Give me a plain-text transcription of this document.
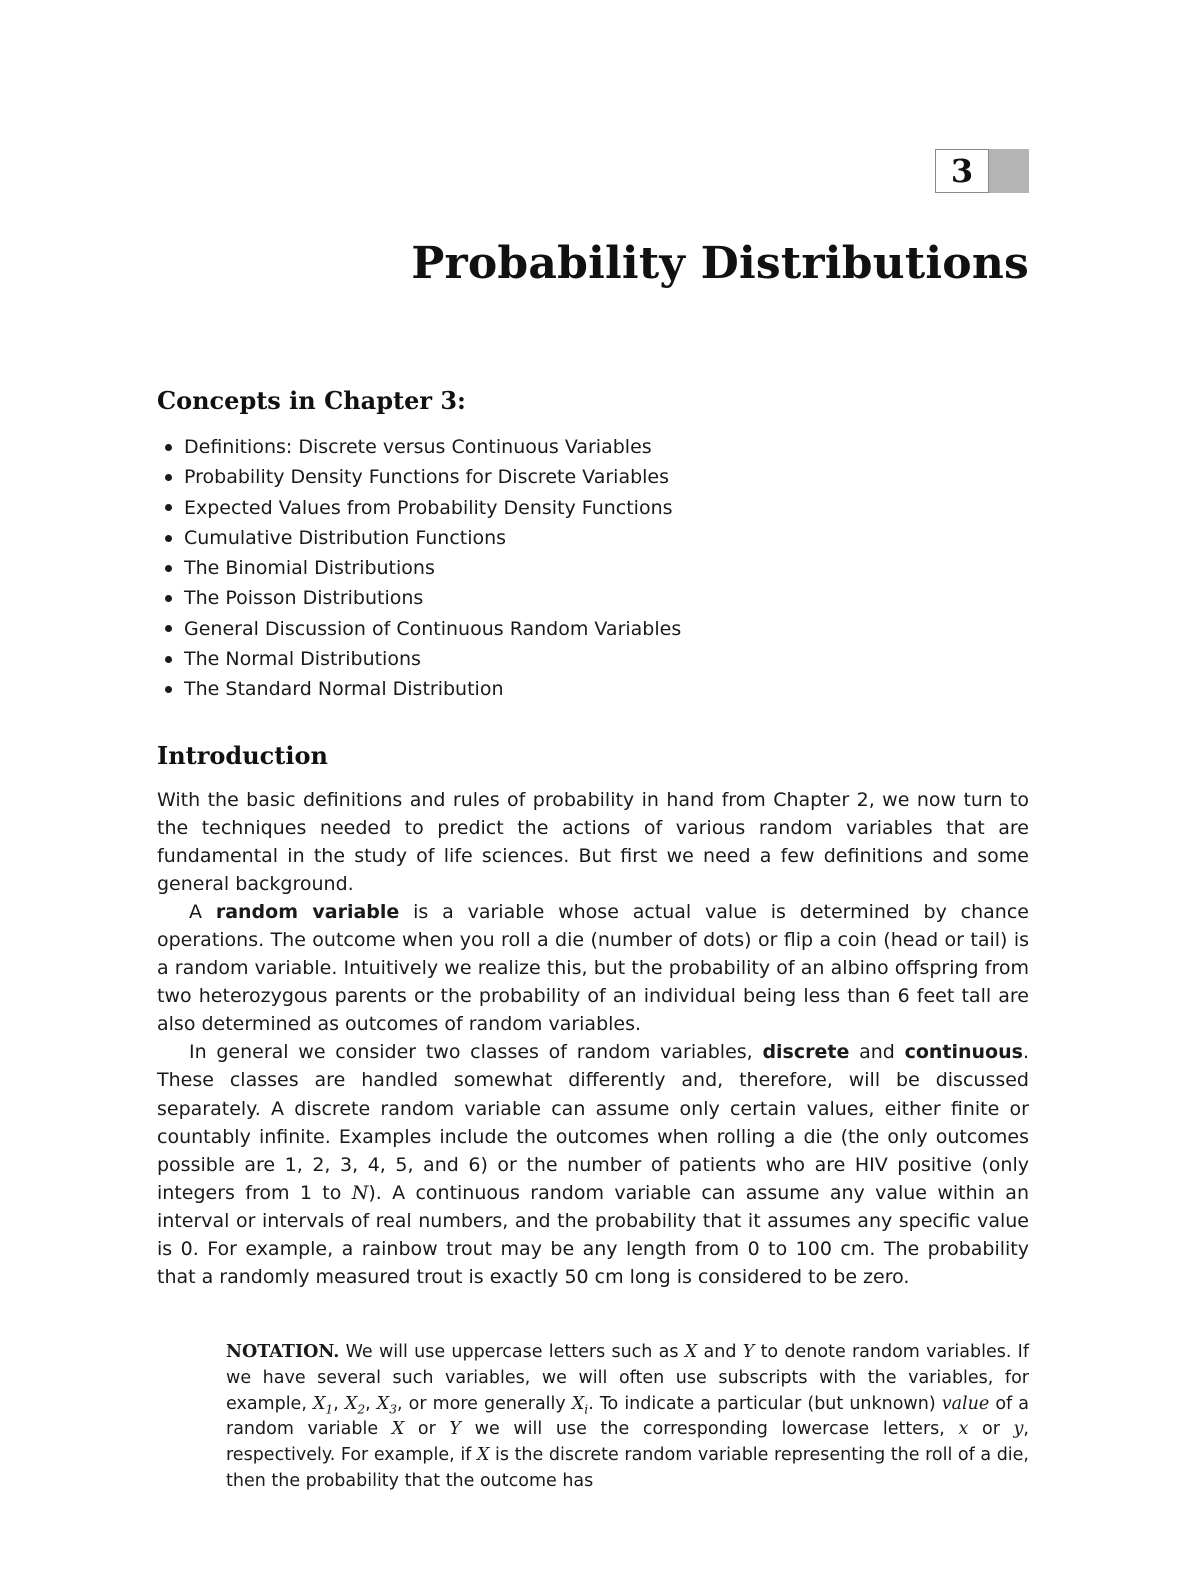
3
Probability Distributions
Concepts in Chapter 3:
Definitions: Discrete versus Continuous Variables
Probability Density Functions for Discrete Variables
Expected Values from Probability Density Functions
Cumulative Distribution Functions
The Binomial Distributions
The Poisson Distributions
General Discussion of Continuous Random Variables
The Normal Distributions
The Standard Normal Distribution
Introduction

With the basic definitions and rules of probability in hand from Chapter 2, we now turn to the techniques needed to predict the actions of various random variables that are fundamental in the study of life sciences. But first we need a few definitions and some general background.

A random variable is a variable whose actual value is determined by chance operations. The outcome when you roll a die (number of dots) or flip a coin (head or tail) is a random variable. Intuitively we realize this, but the probability of an albino offspring from two heterozygous parents or the probability of an individual being less than 6 feet tall are also determined as outcomes of random variables.

In general we consider two classes of random variables, discrete and continuous. These classes are handled somewhat differently and, therefore, will be discussed separately. A discrete random variable can assume only certain values, either finite or countably infinite. Examples include the outcomes when rolling a die (the only outcomes possible are 1, 2, 3, 4, 5, and 6) or the number of patients who are HIV positive (only integers from 1 to N). A continuous random variable can assume any value within an interval or intervals of real numbers, and the probability that it assumes any specific value is 0. For example, a rainbow trout may be any length from 0 to 100 cm. The probability that a randomly measured trout is exactly 50 cm long is considered to be zero.

NOTATION. We will use uppercase letters such as X and Y to denote random variables. If we have several such variables, we will often use subscripts with the variables, for example, $X_1$, $X_2$, $X_3$, or more generally $X_i$. To indicate a particular (but unknown) value of a random variable X or Y we will use the corresponding lowercase letters, x or y, respectively. For example, if X is the discrete random variable representing the roll of a die, then the probability that the outcome has
